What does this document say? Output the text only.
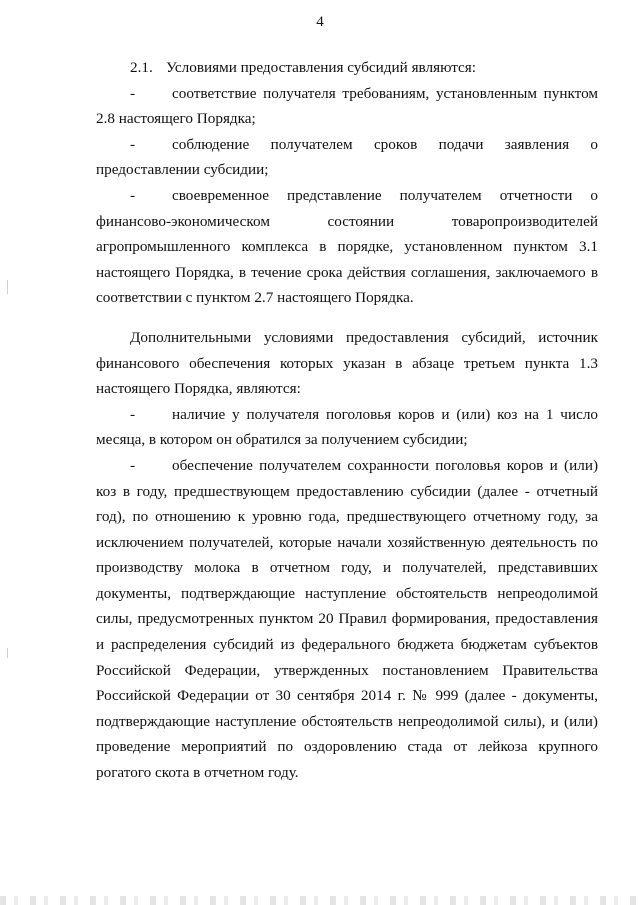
4
2.1. Условиями предоставления субсидий являются:

- соответствие получателя требованиям, установленным пунктом 2.8 настоящего Порядка;

- соблюдение получателем сроков подачи заявления о предоставлении субсидии;

- своевременное представление получателем отчетности о финансово-экономическом состоянии товаропроизводителей агропромышленного комплекса в порядке, установленном пунктом 3.1 настоящего Порядка, в течение срока действия соглашения, заключаемого в соответствии с пунктом 2.7 настоящего Порядка.

Дополнительными условиями предоставления субсидий, источник финансового обеспечения которых указан в абзаце третьем пункта 1.3 настоящего Порядка, являются:

- наличие у получателя поголовья коров и (или) коз на 1 число месяца, в котором он обратился за получением субсидии;

- обеспечение получателем сохранности поголовья коров и (или) коз в году, предшествующем предоставлению субсидии (далее - отчетный год), по отношению к уровню года, предшествующего отчетному году, за исключением получателей, которые начали хозяйственную деятельность по производству молока в отчетном году, и получателей, представивших документы, подтверждающие наступление обстоятельств непреодолимой силы, предусмотренных пунктом 20 Правил формирования, предоставления и распределения субсидий из федерального бюджета бюджетам субъектов Российской Федерации, утвержденных постановлением Правительства Российской Федерации от 30 сентября 2014 г. № 999 (далее - документы, подтверждающие наступление обстоятельств непреодолимой силы), и (или) проведение мероприятий по оздоровлению стада от лейкоза крупного рогатого скота в отчетном году.
